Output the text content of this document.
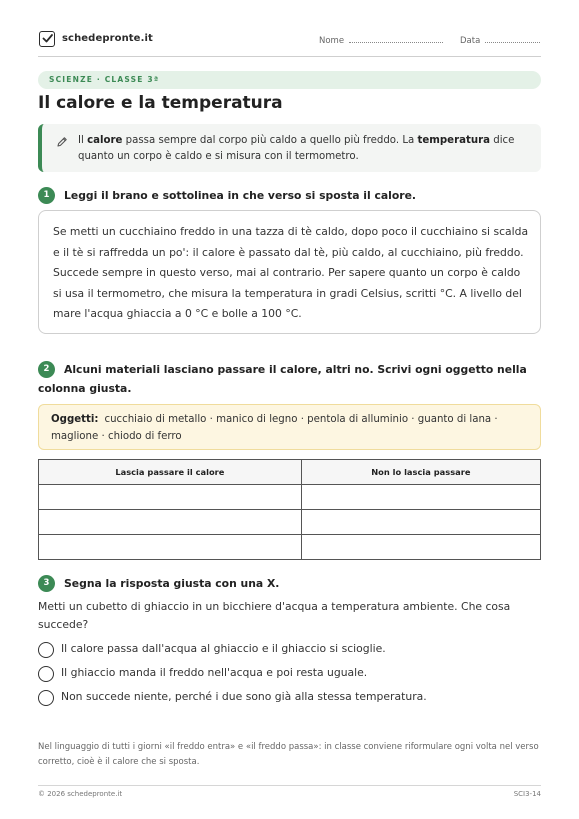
schedepronte.it	Nome	Data
SCIENZE · CLASSE 3ª
Il calore e la temperatura

Il calore passa sempre dal corpo più caldo a quello più freddo. La temperatura dice quanto un corpo è caldo e si misura con il termometro.

1	Leggi il brano e sottolinea in che verso si sposta il calore.

Se metti un cucchiaino freddo in una tazza di tè caldo, dopo poco il cucchiaino si scalda e il tè si raffredda un po': il calore è passato dal tè, più caldo, al cucchiaino, più freddo. Succede sempre in questo verso, mai al contrario. Per sapere quanto un corpo è caldo si usa il termometro, che misura la temperatura in gradi Celsius, scritti °C. A livello del mare l'acqua ghiaccia a 0 °C e bolle a 100 °C.

2	Alcuni materiali lasciano passare il calore, altri no. Scrivi ogni oggetto nella colonna giusta.

Oggetti: cucchiaio di metallo · manico di legno · pentola di alluminio · guanto di lana · maglione · chiodo di ferro

Lascia passare il calore	Non lo lascia passare

3	Segna la risposta giusta con una X.
Metti un cubetto di ghiaccio in un bicchiere d'acqua a temperatura ambiente. Che cosa succede?
Il calore passa dall'acqua al ghiaccio e il ghiaccio si scioglie.
Il ghiaccio manda il freddo nell'acqua e poi resta uguale.
Non succede niente, perché i due sono già alla stessa temperatura.
Nel linguaggio di tutti i giorni «il freddo entra» e «il freddo passa»: in classe conviene riformulare ogni volta nel verso corretto, cioè è il calore che si sposta.
© 2026 schedepronte.it	SCI3-14
